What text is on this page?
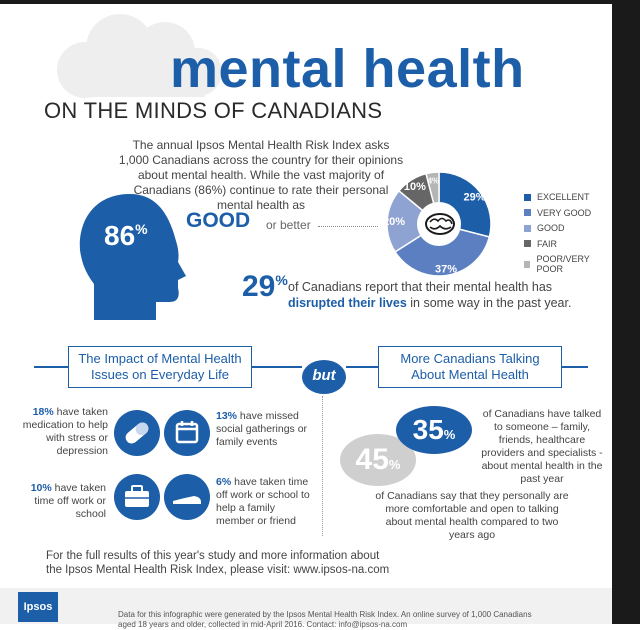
mental health
ON THE MINDS OF CANADIANS
The annual Ipsos Mental Health Risk Index asks 1,000 Canadians across the country for their opinions about mental health. While the vast majority of Canadians (86%) continue to rate their personal mental health as
86% GOOD or better
29%
37%
20%
10%
4%
EXCELLENT
VERY GOOD
GOOD
FAIR
POOR/VERY POOR
29% of Canadians report that their mental health has
disrupted their lives in some way in the past year.
The Impact of Mental Health Issues on Everyday Life
More Canadians Talking About Mental Health
but
18% have taken medication to help with stress or depression
13% have missed social gatherings or family events
10% have taken time off work or school
6% have taken time off work or school to help a family member or friend
45%
35%
of Canadians have talked to someone – family, friends, healthcare providers and specialists - about mental health in the past year
of Canadians say that they personally are more comfortable and open to talking about mental health compared to two years ago
For the full results of this year's study and more information about the Ipsos Mental Health Risk Index, please visit: www.ipsos-na.com
Ipsos
Data for this infographic were generated by the Ipsos Mental Health Risk Index. An online survey of 1,000 Canadians aged 18 years and older, collected in mid-April 2016. Contact: info@ipsos-na.com
